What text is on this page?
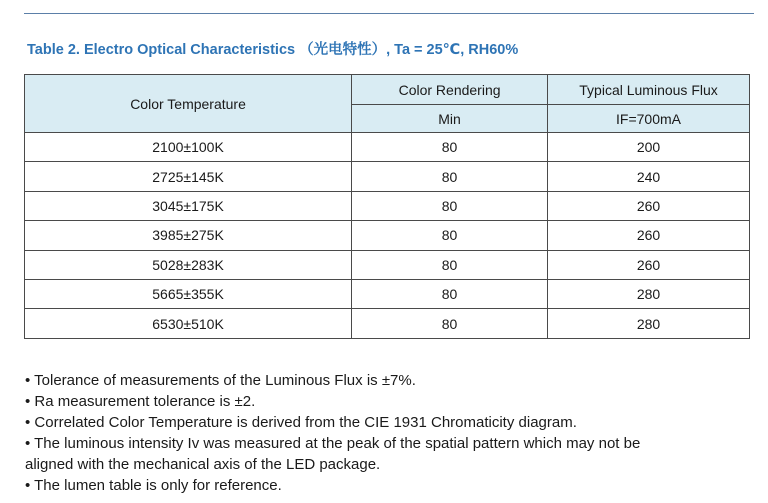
Table 2. Electro Optical Characteristics （光电特性）, Ta = 25℃, RH60%
Color Temperature	Color Rendering	Typical Luminous Flux
	Min	IF=700mA
2100±100K	80	200
2725±145K	80	240
3045±175K	80	260
3985±275K	80	260
5028±283K	80	260
5665±355K	80	280
6530±510K	80	280
• Tolerance of measurements of the Luminous Flux is ±7%.
• Ra measurement tolerance is ±2.
• Correlated Color Temperature is derived from the CIE 1931 Chromaticity diagram.
• The luminous intensity Iv was measured at the peak of the spatial pattern which may not be
aligned with the mechanical axis of the LED package.
• The lumen table is only for reference.
